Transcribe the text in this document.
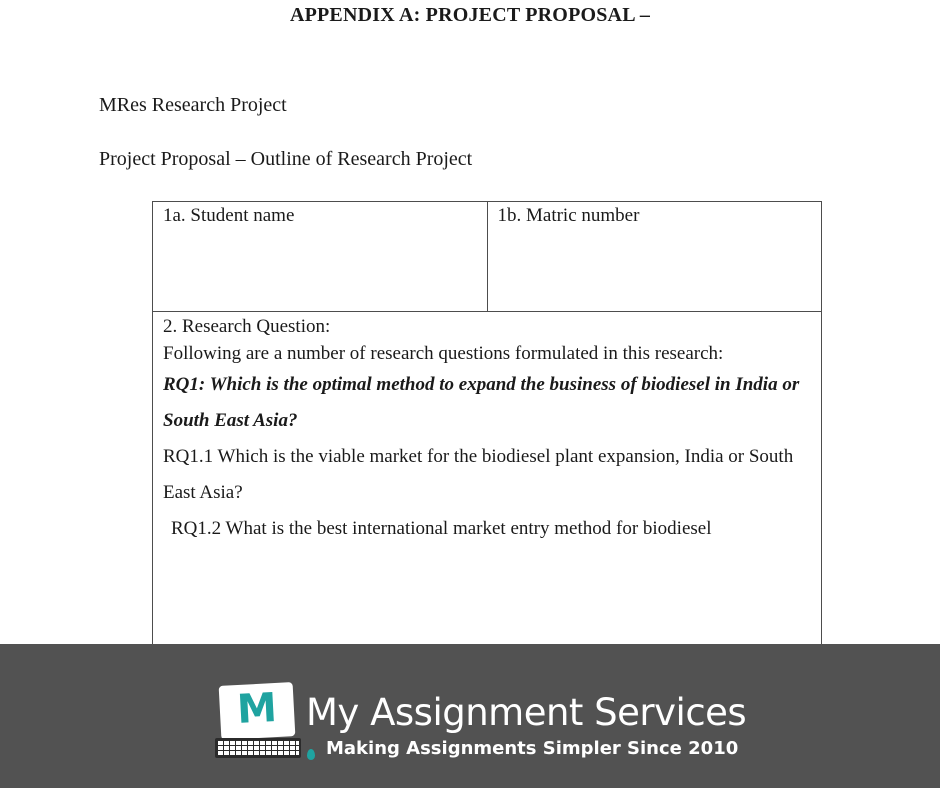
APPENDIX A: PROJECT PROPOSAL –
MRes Research Project
Project Proposal – Outline of Research Project
1a. Student name	1b. Matric number

2. Research Question:

Following are a number of research questions formulated in this research:

RQ1: Which is the optimal method to expand the business of biodiesel in India or South East Asia?

RQ1.1 Which is the viable market for the biodiesel plant expansion, India or South East Asia?

RQ1.2 What is the best international market entry method for biodiesel

M My Assignment Services
Making Assignments Simpler Since 2010
